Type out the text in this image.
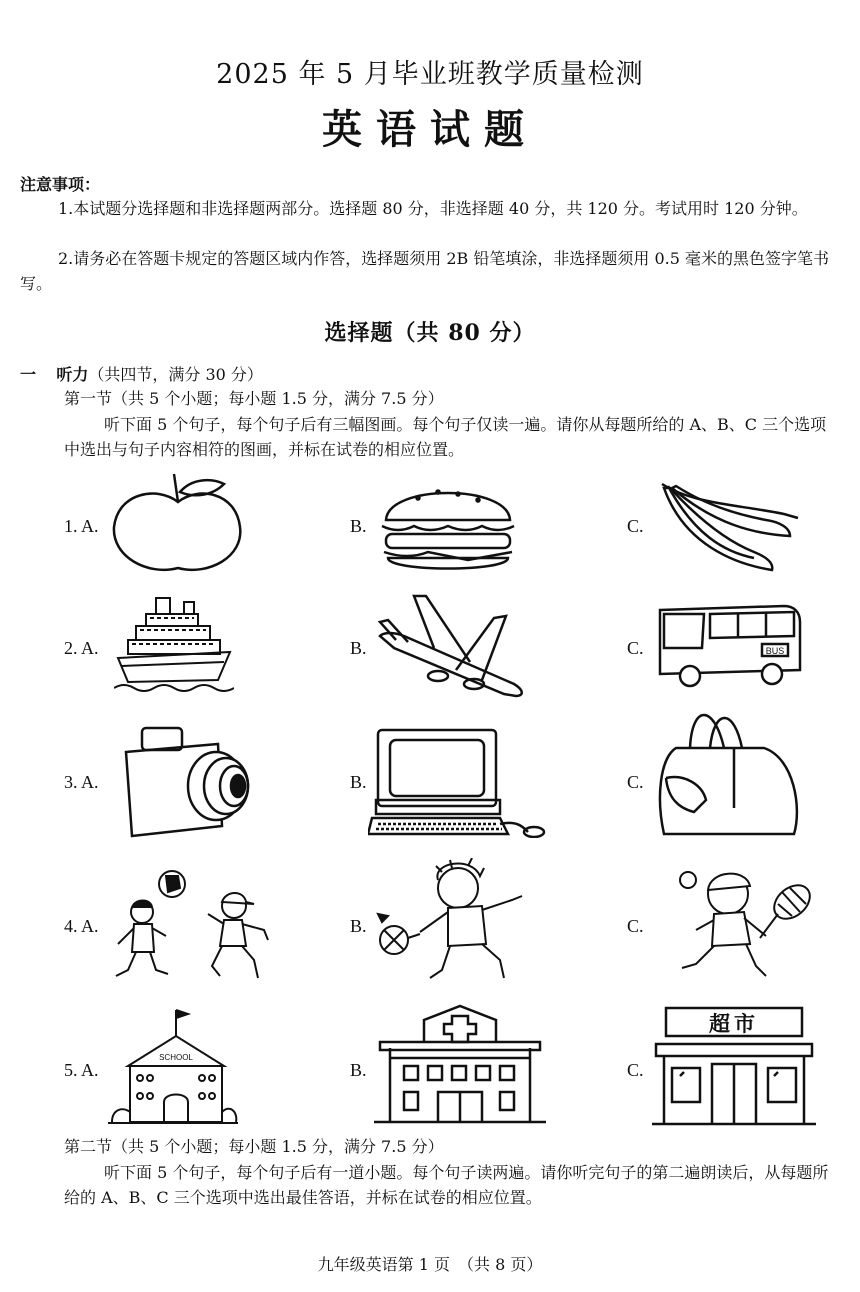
2025 年 5 月毕业班教学质量检测
英语试题
注意事项：
1.本试题分选择题和非选择题两部分。选择题 80 分，非选择题 40 分，共 120 分。考试用时 120 分钟。
2.请务必在答题卡规定的答题区域内作答，选择题须用 2B 铅笔填涂，非选择题须用 0.5 毫米的黑色签字笔书写。
选择题（共 80 分）
一 听力（共四节，满分 30 分）
第一节（共 5 个小题；每小题 1.5 分，满分 7.5 分）
听下面 5 个句子，每个句子后有三幅图画。每个句子仅读一遍。请你从每题所给的 A、B、C 三个选项中选出与句子内容相符的图画，并标在试卷的相应位置。
1. A.	B.	C.
2. A.	B.	C.	BUS
3. A.	B.	C.
4. A.	B.	C.
5. A.	B.	C.
SCHOOL
超市
第二节（共 5 个小题；每小题 1.5 分，满分 7.5 分）
听下面 5 个句子，每个句子后有一道小题。每个句子读两遍。请你听完句子的第二遍朗读后，从每题所给的 A、B、C 三个选项中选出最佳答语，并标在试卷的相应位置。
九年级英语第 1 页　（共 8 页）
